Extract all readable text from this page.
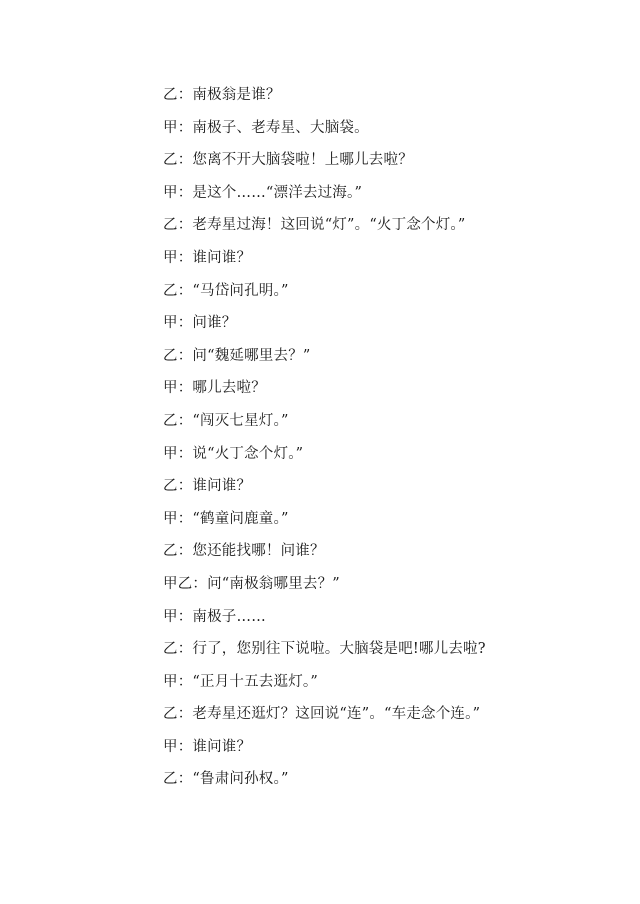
乙：南极翁是谁？
甲：南极子、老寿星、大脑袋。
乙：您离不开大脑袋啦！上哪儿去啦？
甲：是这个……“漂洋去过海。”
乙：老寿星过海！这回说“灯”。“火丁念个灯。”
甲：谁问谁？
乙：“马岱问孔明。”
甲：问谁？
乙：问“魏延哪里去？”
甲：哪儿去啦？
乙：“闯灭七星灯。”
甲：说“火丁念个灯。”
乙：谁问谁？
甲：“鹤童问鹿童。”
乙：您还能找哪！问谁？
甲乙：问“南极翁哪里去？”
甲：南极子……
乙：行了，您别往下说啦。大脑袋是吧!哪儿去啦?
甲：“正月十五去逛灯。”
乙：老寿星还逛灯？这回说“连”。“车走念个连。”
甲：谁问谁？
乙：“鲁肃问孙权。”
